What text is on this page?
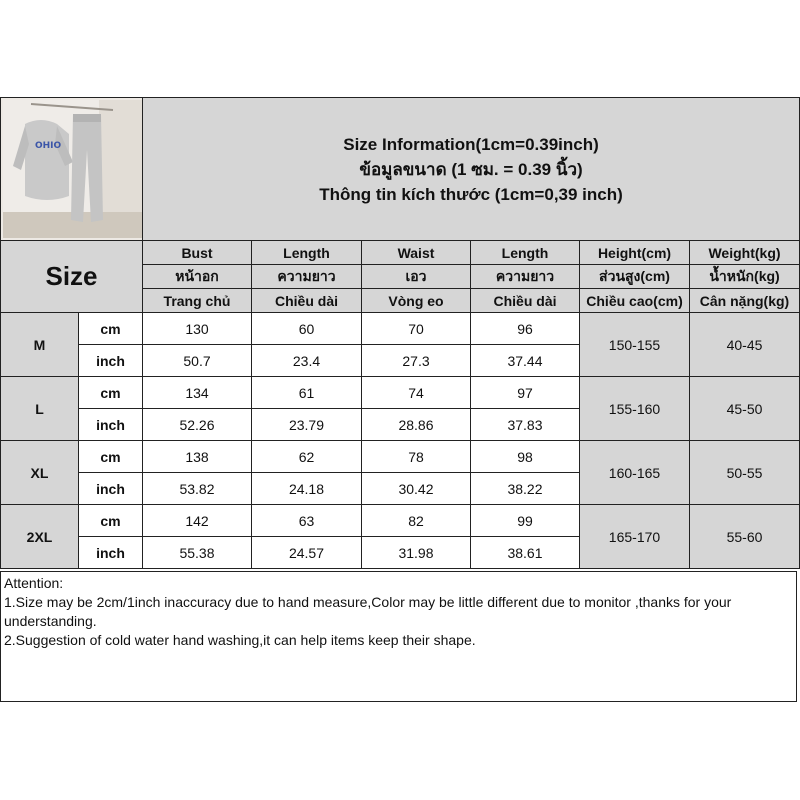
OHIO		Size Information(1cm=0.39inch)
ข้อมูลขนาด (1 ซม. = 0.39 นิ้ว)
Thông tin kích thước (1cm=0,39 inch)					

Size		Bust	Length	Waist	Length	Height(cm)	Weight(kg)
		หน้าอก	ความยาว	เอว	ความยาว	ส่วนสูง(cm)	น้ำหนัก(kg)
		Trang chủ	Chiều dài	Vòng eo	Chiều dài	Chiều cao(cm)	Cân nặng(kg)
M	cm	130	60	70	96	150-155	40-45
	inch	50.7	23.4	27.3	37.44		
L	cm	134	61	74	97	155-160	45-50
	inch	52.26	23.79	28.86	37.83		
XL	cm	138	62	78	98	160-165	50-55
	inch	53.82	24.18	30.42	38.22		
2XL	cm	142	63	82	99	165-170	55-60
	inch	55.38	24.57	31.98	38.61		
Attention:
1.Size may be 2cm/1inch inaccuracy due to hand measure,Color may be little different due to monitor ,thanks for your understanding.
2.Suggestion of cold water hand washing,it can help items keep their shape.
